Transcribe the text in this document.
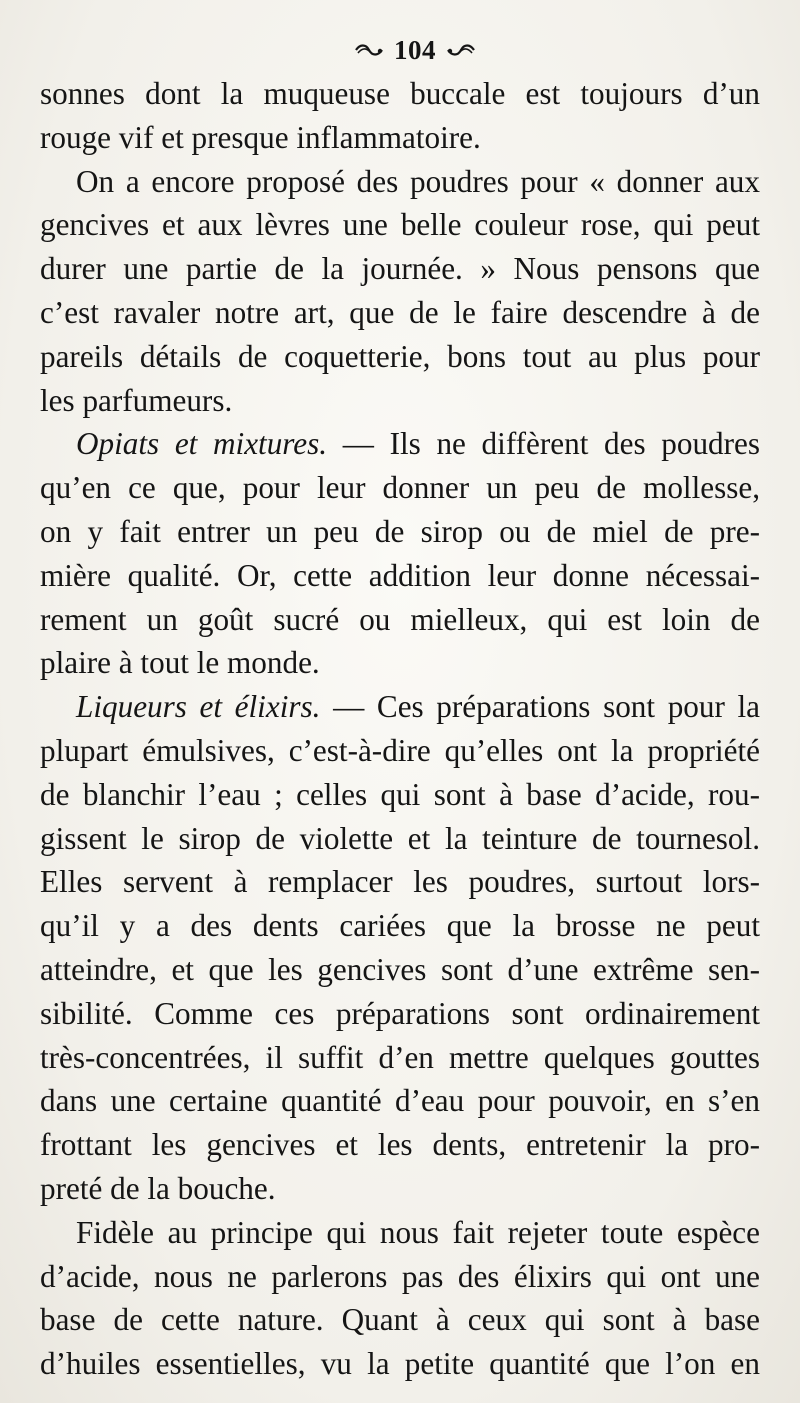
104

sonnes dont la muqueuse buccale est toujours d’un
rouge vif et presque inflammatoire.

On a encore proposé des poudres pour « donner aux
gencives et aux lèvres une belle couleur rose, qui peut
durer une partie de la journée. » Nous pensons que
c’est ravaler notre art, que de le faire descendre à de
pareils détails de coquetterie, bons tout au plus pour
les parfumeurs.

Opiats et mixtures. — Ils ne diffèrent des poudres
qu’en ce que, pour leur donner un peu de mollesse,
on y fait entrer un peu de sirop ou de miel de pre-
mière qualité. Or, cette addition leur donne nécessai-
rement un goût sucré ou mielleux, qui est loin de
plaire à tout le monde.

Liqueurs et élixirs. — Ces préparations sont pour la
plupart émulsives, c’est-à-dire qu’elles ont la propriété
de blanchir l’eau ; celles qui sont à base d’acide, rou-
gissent le sirop de violette et la teinture de tournesol.
Elles servent à remplacer les poudres, surtout lors-
qu’il y a des dents cariées que la brosse ne peut
atteindre, et que les gencives sont d’une extrême sen-
sibilité. Comme ces préparations sont ordinairement
très-concentrées, il suffit d’en mettre quelques gouttes
dans une certaine quantité d’eau pour pouvoir, en s’en
frottant les gencives et les dents, entretenir la pro-
preté de la bouche.

Fidèle au principe qui nous fait rejeter toute espèce
d’acide, nous ne parlerons pas des élixirs qui ont une
base de cette nature. Quant à ceux qui sont à base
d’huiles essentielles, vu la petite quantité que l’on en
